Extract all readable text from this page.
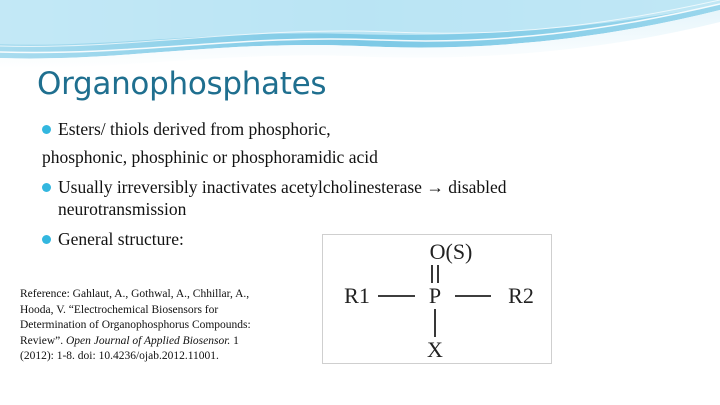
Organophosphates
Esters/ thiols derived from phosphoric,
phosphonic, phosphinic or phosphoramidic acid
Usually irreversibly inactivates acetylcholinesterase → disabled neurotransmission
General structure:
Reference: Gahlaut, A., Gothwal, A., Chhillar, A., Hooda, V. “Electrochemical Biosensors for Determination of Organophosphorus Compounds: Review”. Open Journal of Applied Biosensor. 1 (2012): 1-8. doi: 10.4236/ojab.2012.11001.
O(S)
R1	P	R2
X
